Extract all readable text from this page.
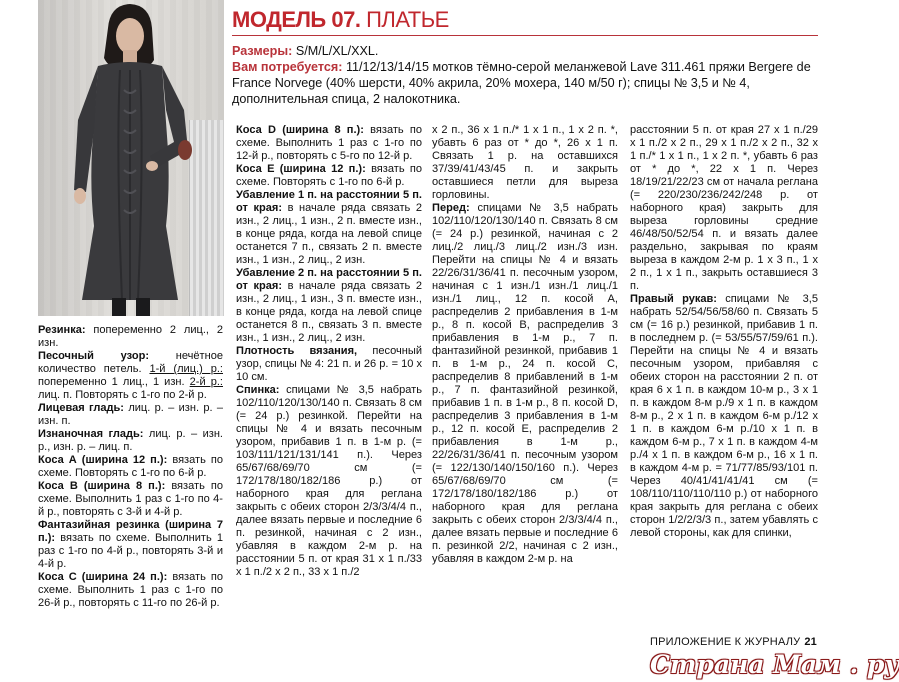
МОДЕЛЬ 07. ПЛАТЬЕ
Размеры: S/M/L/XL/XXL.
Вам потребуется: 11/12/13/14/15 мотков тёмно-серой меланжевой Lave 311.461 пряжи Bergere de France Norvege (40% шерсти, 40% акрила, 20% мохера, 140 м/50 г); спицы № 3,5 и № 4, дополнительная спица, 2 налокотника.

Резинка: попеременно 2 лиц., 2 изн.

Песочный узор: нечётное количество петель. 1-й (лиц.) р.: попеременно 1 лиц., 1 изн. 2-й р.: лиц. п. Повторять с 1-го по 2-й р.

Лицевая гладь: лиц. р. – изн. р. – изн. п.

Изнаночная гладь: лиц. р. – изн. р., изн. р. – лиц. п.

Коса А (ширина 12 п.): вязать по схеме. Повторять с 1-го по 6-й р.

Коса В (ширина 8 п.): вязать по схеме. Выполнить 1 раз с 1-го по 4-й р., повторять с 3-й и 4-й р.

Фантазийная резинка (ширина 7 п.): вязать по схеме. Выполнить 1 раз с 1-го по 4-й р., повторять 3-й и 4-й р.

Коса С (ширина 24 п.): вязать по схеме. Выполнить 1 раз с 1-го по 26-й р., повторять с 11-го по 26-й р.

Коса D (ширина 8 п.): вязать по схеме. Выполнить 1 раз с 1-го по 12-й р., повторять с 5-го по 12-й р.

Коса Е (ширина 12 п.): вязать по схеме. Повторять с 1-го по 6-й р.

Убавление 1 п. на расстоянии 5 п. от края: в начале ряда связать 2 изн., 2 лиц., 1 изн., 2 п. вместе изн., в конце ряда, когда на левой спице останется 7 п., связать 2 п. вместе изн., 1 изн., 2 лиц., 2 изн.

Убавление 2 п. на расстоянии 5 п. от края: в начале ряда связать 2 изн., 2 лиц., 1 изн., 3 п. вместе изн., в конце ряда, когда на левой спице останется 8 п., связать 3 п. вместе изн., 1 изн., 2 лиц., 2 изн.

Плотность вязания, песочный узор, спицы № 4: 21 п. и 26 р. = 10 х 10 см.

Спинка: спицами № 3,5 набрать 102/110/120/130/140 п. Связать 8 см (= 24 р.) резинкой. Перейти на спицы № 4 и вязать песочным узором, прибавив 1 п. в 1-м р. (= 103/111/121/131/141 п.). Через 65/67/68/69/70 см (= 172/178/180/182/186 р.) от наборного края для реглана закрыть с обеих сторон 2/3/3/4/4 п., далее вязать первые и последние 6 п. резинкой, начиная с 2 изн., убавляя в каждом 2-м р. на расстоянии 5 п. от края 31 х 1 п./33 х 1 п./2 х 2 п., 33 х 1 п./2

х 2 п., 36 х 1 п./* 1 х 1 п., 1 х 2 п. *, убавть 6 раз от * до *, 26 х 1 п. Связать 1 р. на оставшихся 37/39/41/43/45 п. и закрыть оставшиеся петли для выреза горловины.

Перед: спицами № 3,5 набрать 102/110/120/130/140 п. Связать 8 см (= 24 р.) резинкой, начиная с 2 лиц./2 лиц./3 лиц./2 изн./3 изн. Перейти на спицы № 4 и вязать 22/26/31/36/41 п. песочным узором, начиная с 1 изн./1 изн./1 лиц./1 изн./1 лиц., 12 п. косой А, распределив 2 прибавления в 1-м р., 8 п. косой В, распределив 3 прибавления в 1-м р., 7 п. фантазийной резинкой, прибавив 1 п. в 1-м р., 24 п. косой С, распределив 8 прибавлений в 1-м р., 7 п. фантазийной резинкой, прибавив 1 п. в 1-м р., 8 п. косой D, распределив 3 прибавления в 1-м р., 12 п. косой Е, распределив 2 прибавления в 1-м р., 22/26/31/36/41 п. песочным узором (= 122/130/140/150/160 п.). Через 65/67/68/69/70 см (= 172/178/180/182/186 р.) от наборного края для реглана закрыть с обеих сторон 2/3/3/4/4 п., далее вязать первые и последние 6 п. резинкой 2/2, начиная с 2 изн., убавляя в каждом 2-м р. на

расстоянии 5 п. от края 27 х 1 п./29 х 1 п./2 х 2 п., 29 х 1 п./2 х 2 п., 32 х 1 п./* 1 х 1 п., 1 х 2 п. *, убавть 6 раз от * до *, 22 х 1 п. Через 18/19/21/22/23 см от начала реглана (= 220/230/236/242/248 р. от наборного края) закрыть для выреза горловины средние 46/48/50/52/54 п. и вязать далее раздельно, закрывая по краям выреза в каждом 2-м р. 1 х 3 п., 1 х 2 п., 1 х 1 п., закрыть оставшиеся 3 п.

Правый рукав: спицами № 3,5 набрать 52/54/56/58/60 п. Связать 5 см (= 16 р.) резинкой, прибавив 1 п. в последнем р. (= 53/55/57/59/61 п.). Перейти на спицы № 4 и вязать песочным узором, прибавляя с обеих сторон на расстоянии 2 п. от края 6 х 1 п. в каждом 10-м р., 3 х 1 п. в каждом 8-м р./9 х 1 п. в каждом 8-м р., 2 х 1 п. в каждом 6-м р./12 х 1 п. в каждом 6-м р./10 х 1 п. в каждом 6-м р., 7 х 1 п. в каждом 4-м р./4 х 1 п. в каждом 6-м р., 16 х 1 п. в каждом 4-м р. = 71/77/85/93/101 п. Через 40/41/41/41/41 см (= 108/110/110/110/110 р.) от наборного края закрыть для реглана с обеих сторон 1/2/2/3/3 п., затем убавлять с левой стороны, как для спинки,

ПРИЛОЖЕНИЕ К ЖУРНАЛУ 21
Страна Мам . ру
